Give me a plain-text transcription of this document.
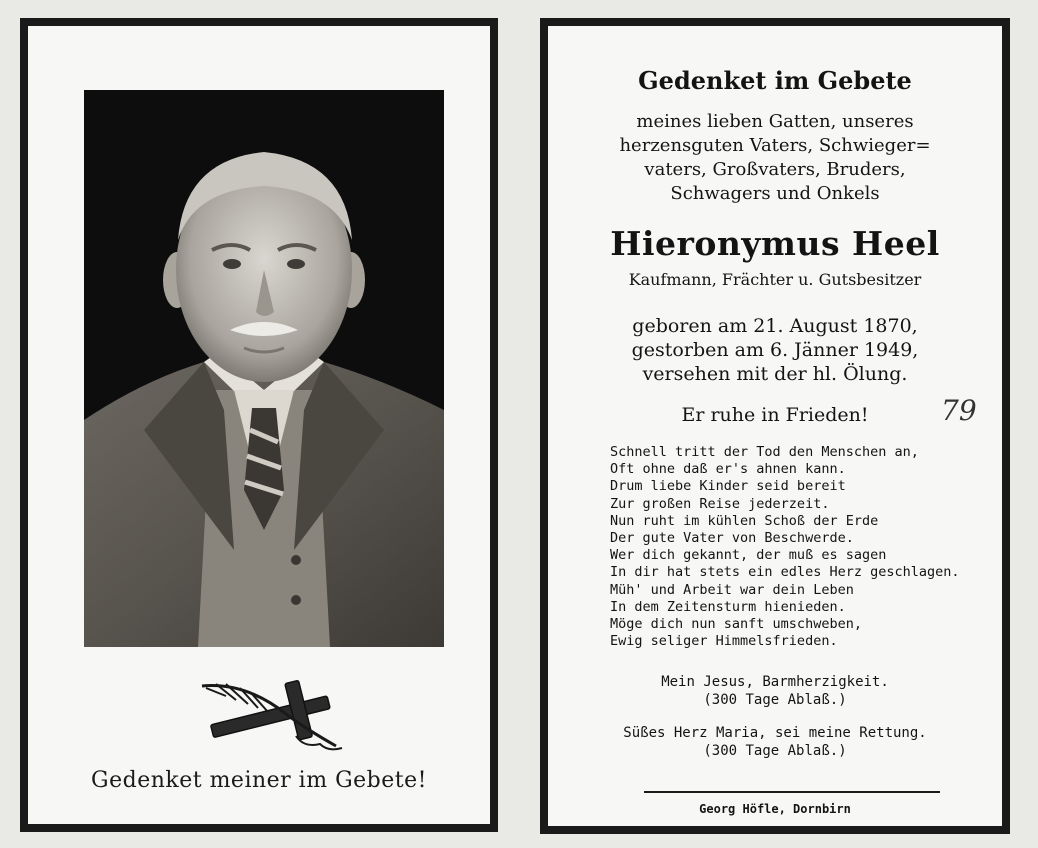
Gedenket meiner im Gebete!
Gedenket im Gebete
meines lieben Gatten, unseres
herzensguten Vaters, Schwieger=
vaters, Großvaters, Bruders,
Schwagers und Onkels
Hieronymus Heel
Kaufmann, Frächter u. Gutsbesitzer
geboren am 21. August 1870,
gestorben am 6. Jänner 1949,
versehen mit der hl. Ölung.
Er ruhe in Frieden!	79
Schnell tritt der Tod den Menschen an,
Oft ohne daß er's ahnen kann.
Drum liebe Kinder seid bereit
Zur großen Reise jederzeit.
Nun ruht im kühlen Schoß der Erde
Der gute Vater von Beschwerde.
Wer dich gekannt, der muß es sagen
In dir hat stets ein edles Herz geschlagen.
Müh' und Arbeit war dein Leben
In dem Zeitensturm hienieden.
Möge dich nun sanft umschweben,
Ewig seliger Himmelsfrieden.
Mein Jesus, Barmherzigkeit.
(300 Tage Ablaß.)
Süßes Herz Maria, sei meine Rettung.
(300 Tage Ablaß.)
Georg Höfle, Dornbirn
